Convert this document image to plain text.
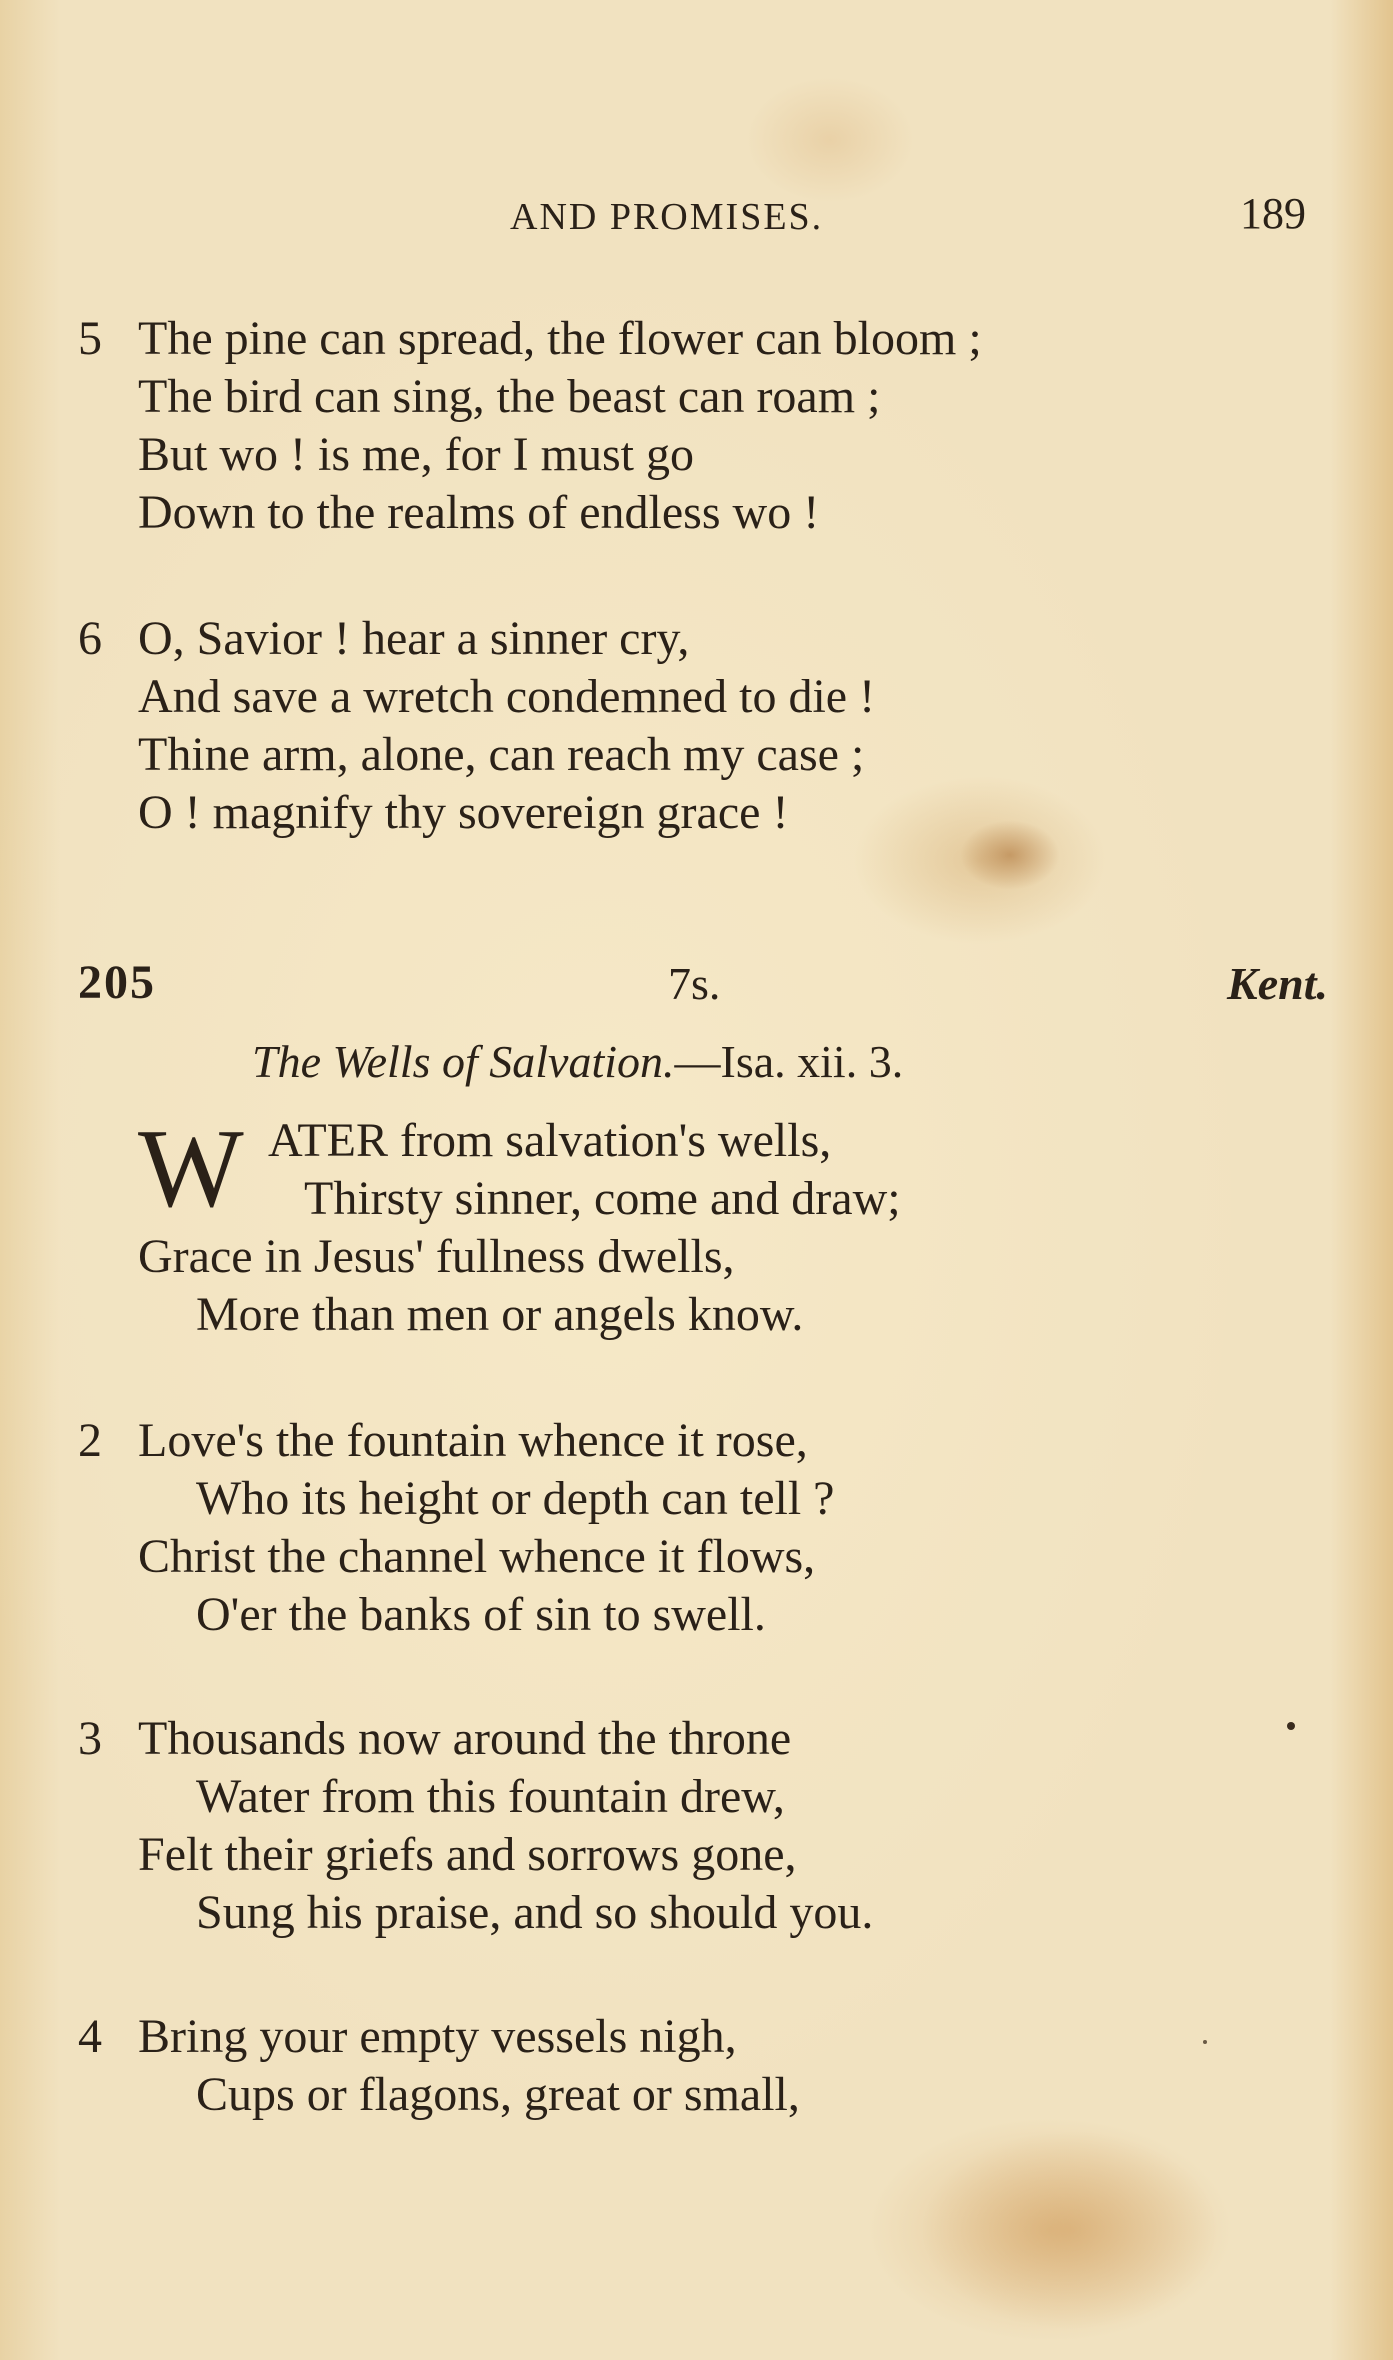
AND PROMISES.	189
5 The pine can spread, the flower can bloom ;
The bird can sing, the beast can roam ;
But wo ! is me, for I must go
Down to the realms of endless wo !
6 O, Savior ! hear a sinner cry,
And save a wretch condemned to die !
Thine arm, alone, can reach my case ;
O ! magnify thy sovereign grace !
205	7s.	Kent.
The Wells of Salvation.—Isa. xii. 3.
W ATER from salvation's wells,
Thirsty sinner, come and draw;
Grace in Jesus' fullness dwells,
More than men or angels know.
2 Love's the fountain whence it rose,
Who its height or depth can tell ?
Christ the channel whence it flows,
O'er the banks of sin to swell.
3 Thousands now around the throne
Water from this fountain drew,
Felt their griefs and sorrows gone,
Sung his praise, and so should you.
4 Bring your empty vessels nigh,
Cups or flagons, great or small,
